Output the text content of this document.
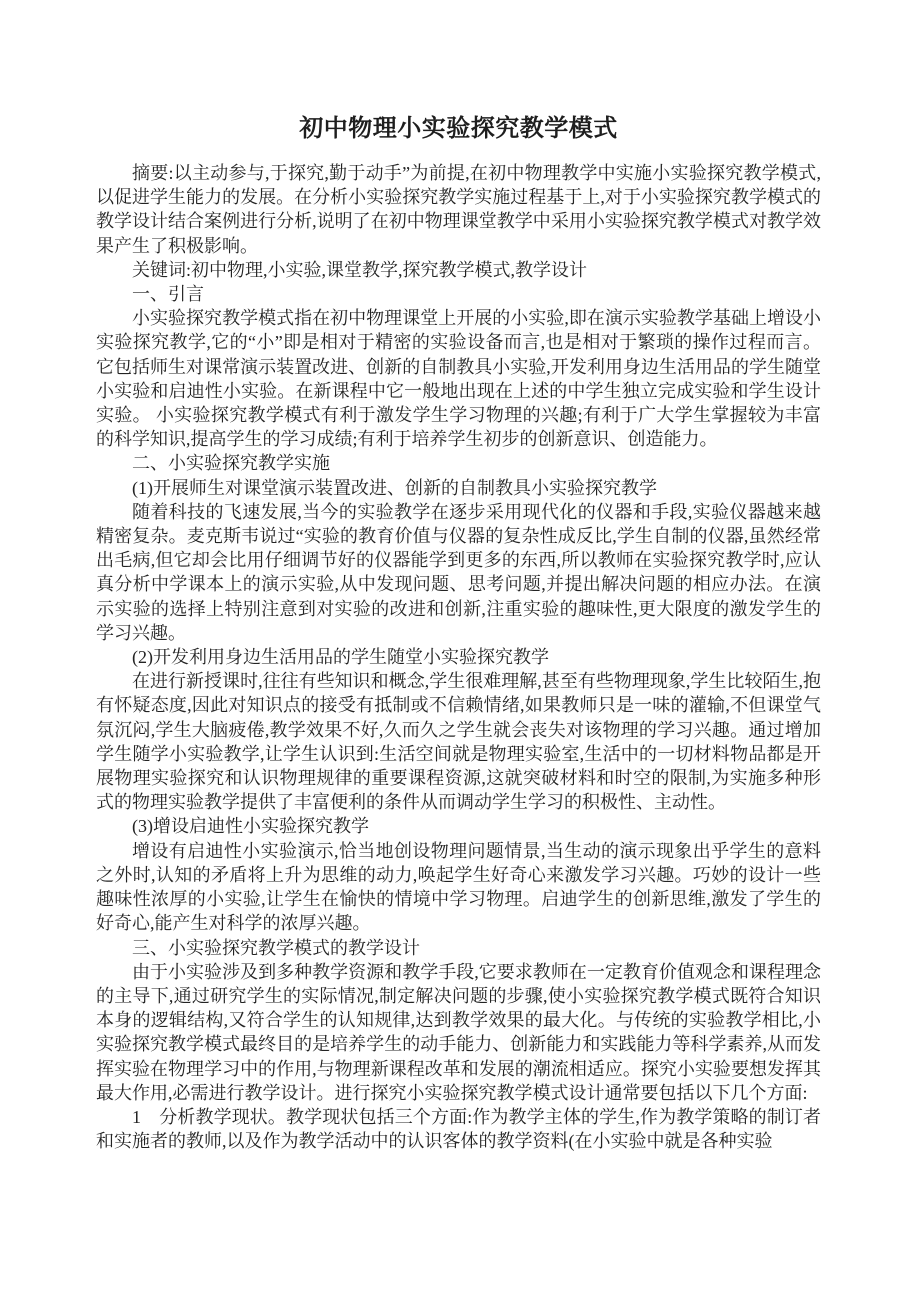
初中物理小实验探究教学模式

摘要:以主动参与,于探究,勤于动手”为前提,在初中物理教学中实施小实验探究教学模式,以促进学生能力的发展。在分析小实验探究教学实施过程基于上,对于小实验探究教学模式的教学设计结合案例进行分析,说明了在初中物理课堂教学中采用小实验探究教学模式对教学效果产生了积极影响。

关键词:初中物理,小实验,课堂教学,探究教学模式,教学设计

一、引言

小实验探究教学模式指在初中物理课堂上开展的小实验,即在演示实验教学基础上增设小实验探究教学,它的“小”即是相对于精密的实验设备而言,也是相对于繁琐的操作过程而言。它包括师生对课常演示装置改进、创新的自制教具小实验,开发利用身边生活用品的学生随堂小实验和启迪性小实验。在新课程中它一般地出现在上述的中学生独立完成实验和学生设计实验。 小实验探究教学模式有利于激发学生学习物理的兴趣;有利于广大学生掌握较为丰富的科学知识,提高学生的学习成绩;有利于培养学生初步的创新意识、创造能力。

二、小实验探究教学实施

(1)开展师生对课堂演示装置改进、创新的自制教具小实验探究教学

随着科技的飞速发展,当今的实验教学在逐步采用现代化的仪器和手段,实验仪器越来越精密复杂。麦克斯韦说过“实验的教育价值与仪器的复杂性成反比,学生自制的仪器,虽然经常出毛病,但它却会比用仔细调节好的仪器能学到更多的东西,所以教师在实验探究教学时,应认真分析中学课本上的演示实验,从中发现问题、思考问题,并提出解决问题的相应办法。在演示实验的选择上特别注意到对实验的改进和创新,注重实验的趣味性,更大限度的激发学生的学习兴趣。

(2)开发利用身边生活用品的学生随堂小实验探究教学

在进行新授课时,往往有些知识和概念,学生很难理解,甚至有些物理现象,学生比较陌生,抱有怀疑态度,因此对知识点的接受有抵制或不信赖情绪,如果教师只是一味的灌输,不但课堂气氛沉闷,学生大脑疲倦,教学效果不好,久而久之学生就会丧失对该物理的学习兴趣。通过增加学生随学小实验教学,让学生认识到:生活空间就是物理实验室,生活中的一切材料物品都是开展物理实验探究和认识物理规律的重要课程资源,这就突破材料和时空的限制,为实施多种形式的物理实验教学提供了丰富便利的条件从而调动学生学习的积极性、主动性。

(3)增设启迪性小实验探究教学

增设有启迪性小实验演示,恰当地创设物理问题情景,当生动的演示现象出乎学生的意料之外时,认知的矛盾将上升为思维的动力,唤起学生好奇心来激发学习兴趣。巧妙的设计一些趣味性浓厚的小实验,让学生在愉快的情境中学习物理。启迪学生的创新思维,激发了学生的好奇心,能产生对科学的浓厚兴趣。

三、小实验探究教学模式的教学设计

由于小实验涉及到多种教学资源和教学手段,它要求教师在一定教育价值观念和课程理念的主导下,通过研究学生的实际情况,制定解决问题的步骤,使小实验探究教学模式既符合知识本身的逻辑结构,又符合学生的认知规律,达到教学效果的最大化。与传统的实验教学相比,小实验探究教学模式最终目的是培养学生的动手能力、创新能力和实践能力等科学素养,从而发挥实验在物理学习中的作用,与物理新课程改革和发展的潮流相适应。探究小实验要想发挥其最大作用,必需进行教学设计。进行探究小实验探究教学模式设计通常要包括以下几个方面:

1　分析教学现状。教学现状包括三个方面:作为教学主体的学生,作为教学策略的制订者和实施者的教师,以及作为教学活动中的认识客体的教学资料(在小实验中就是各种实验
